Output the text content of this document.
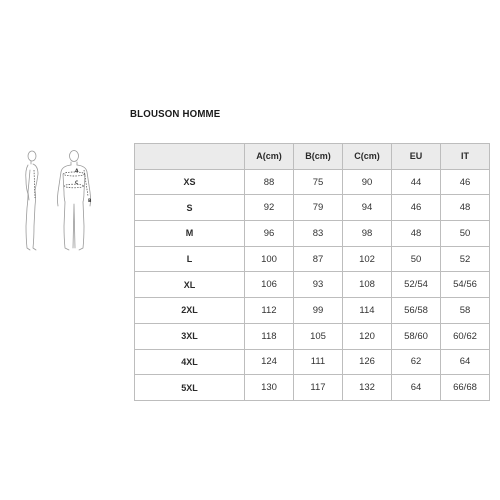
BLOUSON HOMME
A
B
C
	A(cm)	B(cm)	C(cm)	EU	IT
XS	88	75	90	44	46
S	92	79	94	46	48
M	96	83	98	48	50
L	100	87	102	50	52
XL	106	93	108	52/54	54/56
2XL	112	99	114	56/58	58
3XL	118	105	120	58/60	60/62
4XL	124	111	126	62	64
5XL	130	117	132	64	66/68
